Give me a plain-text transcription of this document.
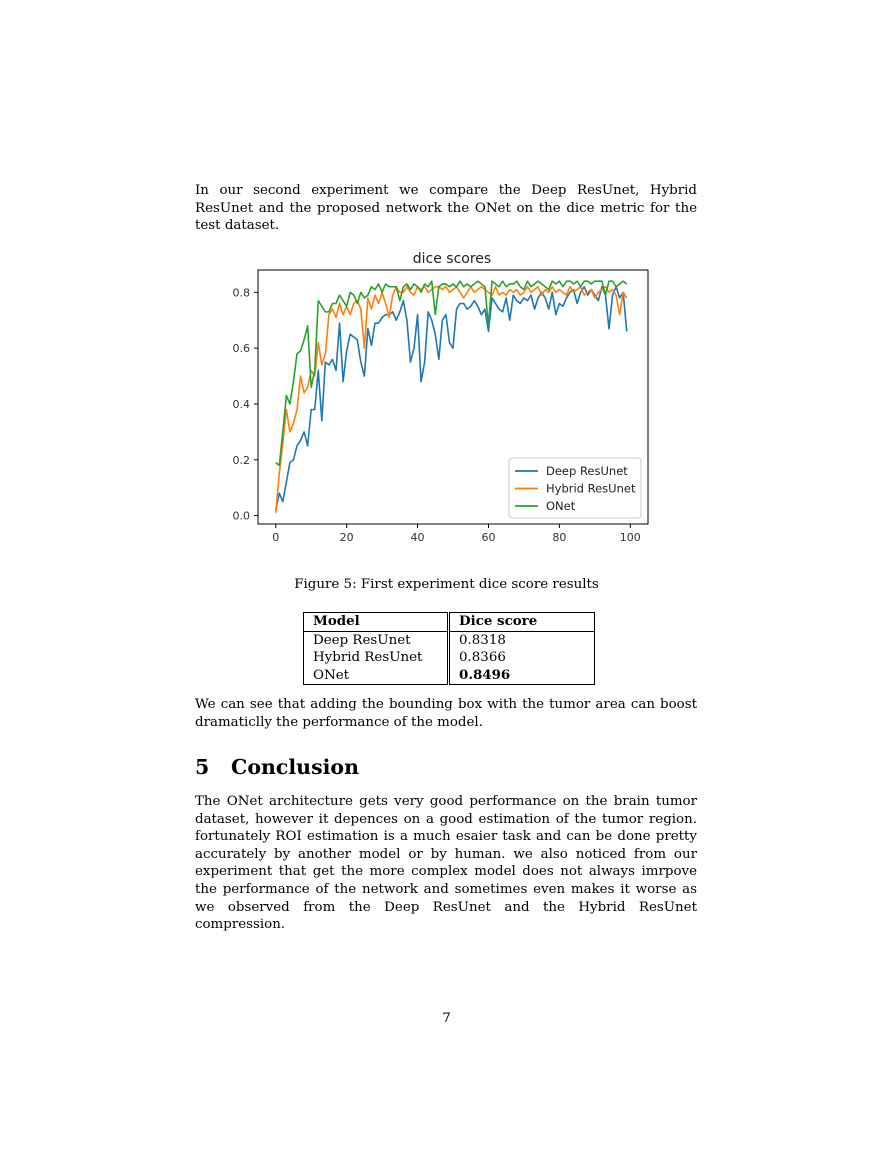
In our second experiment we compare the Deep ResUnet, Hybrid ResUnet and the proposed network the ONet on the dice metric for the test dataset.

dice scores
0	20	40	60	80	100
0.0
0.2
0.4
0.6
0.8
Deep ResUnet
Hybrid ResUnet
ONet
Figure 5: First experiment dice score results
Model	Dice score
Deep ResUnet	0.8318
Hybrid ResUnet	0.8366
ONet	0.8496

We can see that adding the bounding box with the tumor area can boost dramaticlly the performance of the model.

5 Conclusion

The ONet architecture gets very good performance on the brain tumor dataset, however it depences on a good estimation of the tumor region. fortunately ROI estimation is a much esaier task and can be done pretty accurately by another model or by human. we also noticed from our experiment that get the more complex model does not always imrpove the performance of the network and sometimes even makes it worse as we observed from the Deep ResUnet and the Hybrid ResUnet compression.

7
